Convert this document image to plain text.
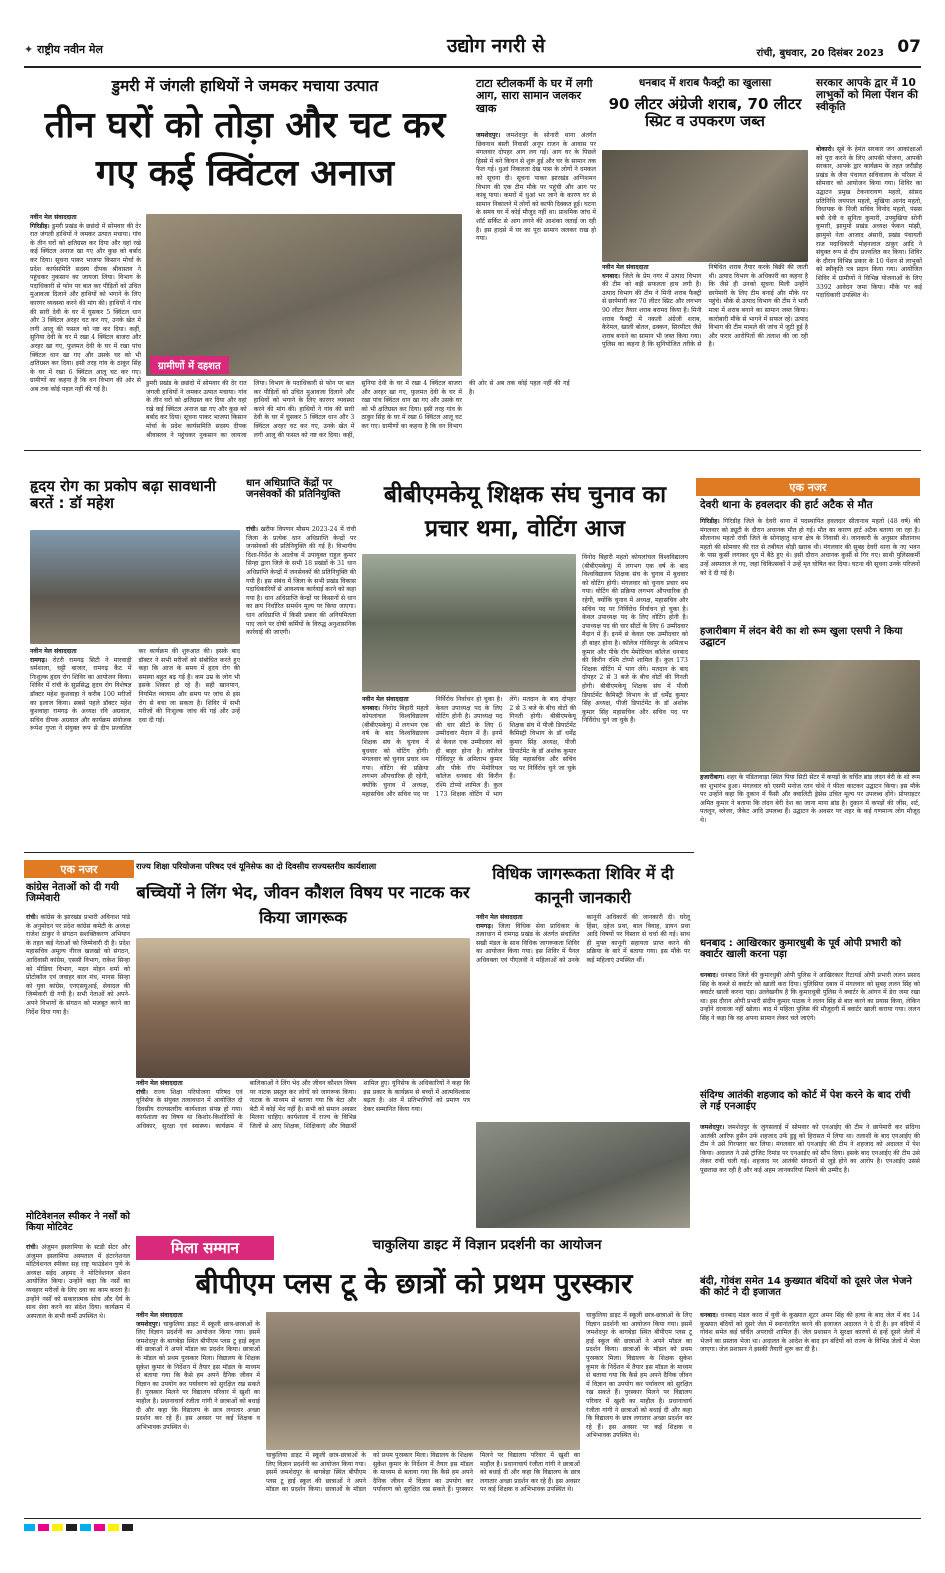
✦ राष्ट्रीय नवीन मेल	उद्योग नगरी से	रांची, बुधवार, 20 दिसंबर 2023 07
डुमरी में जंगली हाथियों ने जमकर मचाया उत्पात
तीन घरों को तोड़ा और चट कर गए कई क्विंटल अनाज
नवीन मेल संवाददाता
गिरिडीह। डुमरी प्रखंड के छछंदो में सोमवार की देर रात जंगली हाथियों ने जमकर उत्पात मचाया। गांव के तीन घरों को क्षतिग्रस्त कर दिया और वहां रखे कई क्विंटल अनाज खा गए और कुछ को बर्बाद कर दिया। सूचना पाकर भाजपा किसान मोर्चा के प्रदेश कार्यसमिति सदस्य दीपक श्रीवास्तव ने पहुंचकर नुकसान का जायजा लिया। विभाग के पदाधिकारी से फोन पर बात कर पीड़ितों को उचित मुआवजा दिलाने और हाथियों को भगाने के लिए कारगर व्यवस्था करने की मांग की। हाथियों ने गांव की सारी देवी के घर में घुसकर 5 क्विंटल धान और 3 क्विंटल अरहर चट कर गए, उनके खेत में लगी आलू की फसल को नष्ट कर दिया। कहीं, सुनिया देवी के घर में रखा 4 क्विंटल बाजरा और अरहर खा गए, फुलमत देवी के घर में रखा पांच क्विंटल धान खा गए और उसके घर को भी क्षतिग्रस्त कर दिया। इसी तरह गांव के ठाकुर सिंह के घर में रखा 6 क्विंटल आलू चट कर गए। ग्रामीणों का कहना है कि वन विभाग की ओर से अब तक कोई पहल नहीं की गई है।
ग्रामीणों में दहशत
डुमरी प्रखंड के छछंदो में सोमवार की देर रात जंगली हाथियों ने जमकर उत्पात मचाया। गांव के तीन घरों को क्षतिग्रस्त कर दिया और वहां रखे कई क्विंटल अनाज खा गए और कुछ को बर्बाद कर दिया। सूचना पाकर भाजपा किसान मोर्चा के प्रदेश कार्यसमिति सदस्य दीपक श्रीवास्तव ने पहुंचकर नुकसान का जायजा लिया। विभाग के पदाधिकारी से फोन पर बात कर पीड़ितों को उचित मुआवजा दिलाने और हाथियों को भगाने के लिए कारगर व्यवस्था करने की मांग की। हाथियों ने गांव की सारी देवी के घर में घुसकर 5 क्विंटल धान और 3 क्विंटल अरहर चट कर गए, उनके खेत में लगी आलू की फसल को नष्ट कर दिया। कहीं, सुनिया देवी के घर में रखा 4 क्विंटल बाजरा और अरहर खा गए, फुलमत देवी के घर में रखा पांच क्विंटल धान खा गए और उसके घर को भी क्षतिग्रस्त कर दिया। इसी तरह गांव के ठाकुर सिंह के घर में रखा 6 क्विंटल आलू चट कर गए। ग्रामीणों का कहना है कि वन विभाग की ओर से अब तक कोई पहल नहीं की गई है।
टाटा स्टीलकर्मी के घर में लगी आग, सारा सामान जलकर खाक
जमशेदपुर। जमशेदपुर के सोनारी थाना अंतर्गत छिवनाथ बस्ती निवासी अनूप राजन के आवास पर मंगलवार दोपहर आग लग गई। आग घर के पिछले हिस्से में बने किचन से शुरू हुई और घर के सामान तक फैल गई। धुआं निकलता देख पास के लोगों ने दमकल को सूचना दी। सूचना पाकर झारखंड अग्निशमन विभाग की एक टीम मौके पर पहुंची और आग पर काबू पाया। कमरों में धुआं भर जाने के कारण घर से सामान निकालने में लोगों को काफी दिक्कत हुई। घटना के समय घर में कोई मौजूद नहीं था। प्राथमिक जांच में शॉर्ट सर्किट से आग लगने की आशंका जताई जा रही है। इस हादसे में घर का पूरा सामान जलकर राख हो गया।
धनबाद में शराब फैक्ट्री का खुलासा
90 लीटर अंग्रेजी शराब, 70 लीटर स्प्रिट व उपकरण जब्त
नवीन मेल संवाददाता
धनबाद। जिले के प्रेम नगर में उत्पाद विभाग की टीम को बड़ी सफलता हाथ लगी है। उत्पाद विभाग की टीम ने मिनी शराब फैक्ट्री से छापेमारी कर 70 लीटर स्प्रिट और लगभग 90 लीटर तैयार शराब बरामद किया है। मिनी शराब फैक्ट्री में नकली अंग्रेजी शराब, कैरेमल, खाली बोतल, ढक्कन, सिरमीटर जैसे शराब बनाने का सामान भी जब्त किया गया। पुलिस का कहना है कि सुनियोजित तरीके से निषेधित शराब तैयार करके बिक्री की जाती थी। उत्पाद विभाग के अधिकारी का कहना है कि जैसे ही उनको सूचना मिली उन्होंने छापेमारी के लिए टीम बनाई और मौके पर पहुंचे। मौके से उत्पाद विभाग की टीम ने भारी मात्रा में शराब बनाने का सामान जब्त किया। कारोबारी मौके से भागने में सफल रहे। उत्पाद विभाग की टीम मामले की जांच में जुटी हुई है और फरार आरोपितों की तलाश की जा रही है।
सरकार आपके द्वार में 10 लाभुकों को मिला पेंशन की स्वीकृति
बोकारो। सूबे के हेमंत सरकार जन आकांक्षाओं को पूरा करने के लिए आपकी योजना, आपकी सरकार, आपके द्वार कार्यक्रम के तहत जरीडीह प्रखंड के जैना पंचायत सचिवालय के परिसर में सोमवार को आयोजन किया गया। शिविर का उद्घाटन प्रमुख टेकनारायण महतो, सांसद प्रतिनिधि जयपाल महतो, मुखिया आनंद महतो, विधायक के निजी सचिव विनोद महतो, पंसस बबी देवी व सुनिता कुमारी, उपमुखिया सोनी कुमारी, झामुमो प्रखंड अध्यक्ष फेकन मांझी, झामुमो नेता आजाद अंसारी, प्रखंड पंचायती राज पदाधिकारी मोहनलाल ठाकुर आदि ने संयुक्त रूप से दीप प्रज्वलित कर किया। शिविर के दौरान विभिन्न प्रकार के 10 पेंशन से लाभुकों को स्वीकृति पत्र प्रदान किया गया। आयोजित शिविर में ग्रामीणों ने विभिन्न योजनाओं के लिए 3392 आवेदन जमा किया। मौके पर कई पदाधिकारी उपस्थित थे।
हृदय रोग का प्रकोप बढ़ा सावधानी बरतें : डॉ महेश
नवीन मेल संवाददाता
रामगढ़। रोटरी रामगढ़ सिटी ने मारवाड़ी धर्मशाला, चट्टी बाजार, रामगढ़ कैंट में निःशुल्क हृदय रोग शिविर का आयोजन किया। शिविर में रांची के सुप्रसिद्ध हृदय रोग विशेषज्ञ डॉक्टर महेश कुशवाहा ने करीब 100 मरीजों का इलाज किया। सबसे पहले डॉक्टर महेश कुशवाहा रामगढ़ के अध्यक्ष रवि अग्रवाल, सचिव दीपक अग्रवाल और कार्यक्रम संयोजक रूपेश गुप्ता ने संयुक्त रूप से दीप प्रज्वलित कर कार्यक्रम की शुरुआत की। इसके बाद डॉक्टर ने सभी मरीजों को संबोधित करते हुए कहा कि आज के समय में हृदय रोग की समस्या बहुत बढ़ गई है। कम उम्र के लोग भी इसके शिकार हो रहे हैं। सही खानपान, नियमित व्यायाम और समय पर जांच से इस रोग से बचा जा सकता है। शिविर में सभी मरीजों की निःशुल्क जांच की गई और उन्हें दवा दी गई।
धान अधिप्राप्ति केंद्रों पर जनसेवकों की प्रतिनियुक्ति
रांची। खरीफ विपणन मौसम 2023-24 में रांची जिला के प्रत्येक धान अधिप्राप्ति केन्द्रों पर जनसेवकों की प्रतिनियुक्ति की गई है। विभागीय दिशा-निर्देश के आलोक में उपायुक्त राहुल कुमार सिन्हा द्वारा जिले के सभी 18 प्रखंडों के 31 धान अधिप्राप्ति केन्द्रों में जनसेवकों की प्रतिनियुक्ति की गयी है। इस संबंध में जिला के सभी प्रखंड विकास पदाधिकारियों से आवश्यक कार्रवाई करने को कहा गया है। धान अधिप्राप्ति केन्द्रों पर किसानों से धान का क्रय निर्धारित समर्थन मूल्य पर किया जाएगा। धान अधिप्राप्ति में किसी प्रकार की अनियमितता पाए जाने पर दोषी कर्मियों के विरुद्ध अनुशासनिक कार्रवाई की जाएगी।
बीबीएमकेयू शिक्षक संघ चुनाव का प्रचार थमा, वोटिंग आज
नवीन मेल संवाददाता
धनबाद। विनोद बिहारी महतो कोयलांचल विश्वविद्यालय (बीबीएमकेयू) में लगभग एक वर्ष के बाद विश्वविद्यालय शिक्षक संघ के चुनाव में बुधवार को वोटिंग होगी। मंगलवार को चुनाव प्रचार थम गया। वोटिंग की प्रक्रिया लगभग औपचारिक ही रहेगी, क्योंकि चुनाव में अध्यक्ष, महासचिव और सचिव पद पर निर्विरोध निर्वाचन हो चुका है। केवल उपाध्यक्ष पद के लिए वोटिंग होनी है। उपाध्यक्ष पद की चार सीटों के लिए 6 उम्मीदवार मैदान में हैं। इनमें से केवल एक उम्मीदवार को ही बाहर होना है। कॉलेज गोविंदपुर के अमिताभ कुमार और पीके रॉय मेमोरियल कॉलेज धनबाद की किरीन रश्मि टोप्पो शामिल हैं। कुल 173 शिक्षक वोटिंग में भाग लेंगे। मतदान के बाद दोपहर 2 से 3 बजे के बीच वोटों की गिनती होगी। बीबीएमकेयू शिक्षक संघ में पीजी डिपार्टमेंट कैमिस्ट्री विभाग के डॉ धर्मेंद्र कुमार सिंह अध्यक्ष, पीजी डिपार्टमेंट के डॉ अशोक कुमार सिंह महासचिव और सचिव पद पर निर्विरोध चुने जा चुके हैं।
विनोद बिहारी महतो कोयलांचल विश्वविद्यालय (बीबीएमकेयू) में लगभग एक वर्ष के बाद विश्वविद्यालय शिक्षक संघ के चुनाव में बुधवार को वोटिंग होगी। मंगलवार को चुनाव प्रचार थम गया। वोटिंग की प्रक्रिया लगभग औपचारिक ही रहेगी, क्योंकि चुनाव में अध्यक्ष, महासचिव और सचिव पद पर निर्विरोध निर्वाचन हो चुका है। केवल उपाध्यक्ष पद के लिए वोटिंग होनी है। उपाध्यक्ष पद की चार सीटों के लिए 6 उम्मीदवार मैदान में हैं। इनमें से केवल एक उम्मीदवार को ही बाहर होना है। कॉलेज गोविंदपुर के अमिताभ कुमार और पीके रॉय मेमोरियल कॉलेज धनबाद की किरीन रश्मि टोप्पो शामिल हैं। कुल 173 शिक्षक वोटिंग में भाग लेंगे। मतदान के बाद दोपहर 2 से 3 बजे के बीच वोटों की गिनती होगी। बीबीएमकेयू शिक्षक संघ में पीजी डिपार्टमेंट कैमिस्ट्री विभाग के डॉ धर्मेंद्र कुमार सिंह अध्यक्ष, पीजी डिपार्टमेंट के डॉ अशोक कुमार सिंह महासचिव और सचिव पद पर निर्विरोध चुने जा चुके हैं।
एक नजर
देवरी थाना के हवलदार की हार्ट अटैक से मौत
गिरिडीह। गिरिडीह जिले के देवरी थाना में पदस्थापित हवलदार सीतानाथ महतो (48 वर्ष) की मंगलवार को ड्यूटी के दौरान अचानक मौत हो गई। मौत का कारण हार्ट अटैक बताया जा रहा है। सीतानाथ महतो रांची जिले के सोनाहातु थाना क्षेत्र के निवासी थे। जानकारी के अनुसार सीतानाथ महतो की सोमवार की रात से तबीयत थोड़ी खराब थी। मंगलवार की सुबह देवरी थाना के नए भवन के पास कुर्सी लगाकर धूप में बैठे हुए थे। इसी दौरान अचानक कुर्सी से गिर गए। साथी पुलिसकर्मी उन्हें अस्पताल ले गए, जहां चिकित्सकों ने उन्हें मृत घोषित कर दिया। घटना की सूचना उनके परिजनों को दे दी गई है।
हजारीबाग में लंदन बेरी का शो रूम खुला एसपी ने किया उद्घाटन
हजारीबाग। शहर के पंडितावाड़ा स्थित पिया सिटी सेंटर में कपड़ों के चर्चित ब्रांड लंदन बेरी के शो रूम का शुभारंभ हुआ। मंगलवार को एसपी मनोज रतन चोथे ने फीता काटकर उद्घाटन किया। इस मौके पर उन्होंने कहा कि दुकान में फैंसी और क्वालिटी ड्रेसेस उचित मूल्य पर उपलब्ध होंगे। प्रोपराइटर अमित कुमार ने बताया कि लंदन बेरी देश का जाना माना ब्रांड है। दुकान में कपड़ों की जींस, शर्ट, पतलून, ब्लेजर, जैकेट आदि उपलब्ध हैं। उद्घाटन के अवसर पर शहर के कई गणमान्य लोग मौजूद थे।
धनबाद : आखिरकार कुमारधुबी के पूर्व ओपी प्रभारी को क्वार्टर खाली करना पड़ा
धनबाद। धनबाद जिले की कुमारधुबी ओपी पुलिस ने आखिरकार रिटायर्ड ओपी प्रभारी ललन प्रसाद सिंह के कब्जे से क्वार्टर को खाली करा दिया। पुलिसिया दबाव में मंगलवार को सुबह ललन सिंह को क्वार्टर खाली करना पड़ा। उल्लेखनीय है कि कुमारधुबी पुलिस ने क्वार्टर के आंगन में डेरा जमा रखा था। इस दौरान ओपी प्रभारी संदीप कुमार पाठक ने ललन सिंह से बात करने का प्रयास किया, लेकिन उन्होंने दरवाजा नहीं खोला। बाद में महिला पुलिस की मौजूदगी में क्वार्टर खाली कराया गया। ललन सिंह ने कहा कि वह अपना सामान लेकर चले जाएंगे।
संदिग्ध आतंकी शहजाद को कोर्ट में पेश करने के बाद रांची ले गई एनआईए
जमशेदपुर। जमशेदपुर के जुगसलाई में सोमवार को एनआईए की टीम ने छापेमारी कर संदिग्ध आतंकी आरिफ हुसैन उर्फ शहजाद उर्फ डुडू को हिरासत में लिया था। तलाशी के बाद एनआईए की टीम ने उसे गिरफ्तार कर लिया। मंगलवार को एनआईए की टीम ने शहजाद को अदालत में पेश किया। अदालत ने उसे ट्रांजिट रिमांड पर एनआईए को सौंप दिया। इसके बाद एनआईए की टीम उसे लेकर रांची चली गई। शहजाद पर आतंकी संगठनों से जुड़े होने का आरोप है। एनआईए उससे पूछताछ कर रही है और कई अहम जानकारियां मिलने की उम्मीद है।
बंदी, गोवंश समेत 14 कुख्यात बंदियों को दूसरे जेल भेजने की कोर्ट ने दी इजाजत
धनबाद। धनबाद मंडल कारा में युवी के कुख्यात शूटर अमन सिंह की हत्या के बाद जेल में बंद 14 कुख्यात बंदियों को दूसरे जेल में स्थानांतरित करने की इजाजत अदालत ने दे दी है। इन बंदियों में गोवंश समेत कई चर्चित अपराधी शामिल हैं। जेल प्रशासन ने सुरक्षा कारणों से इन्हें दूसरे जेलों में भेजने का प्रस्ताव भेजा था। अदालत के आदेश के बाद इन बंदियों को राज्य के विभिन्न जेलों में भेजा जाएगा। जेल प्रशासन ने इसकी तैयारी शुरू कर दी है।
एक नजर
कांग्रेस नेताओं को दी गयी जिम्मेवारी
रांची। कांग्रेस के झारखंड प्रभारी अविनाश पांडे के अनुमोदन पर प्रदेश कांग्रेस कमेटी के अध्यक्ष राजेश ठाकुर ने संगठन सशक्तिकरण अभियान के तहत कई नेताओं को जिम्मेवारी दी है। प्रदेश महासचिव अमूल्य नीरज खलखो को संगठन, आदिवासी कांग्रेस, एससी विभाग, राकेश सिन्हा को मीडिया विभाग, मदन मोहन शर्मा को प्रोटोकॉल एवं जवाहर बाल मंच, मानस सिन्हा को युवा कांग्रेस, एनएसयूआई, सेवादल की जिम्मेवारी दी गयी है। सभी नेताओं को अपने-अपने विभागों के संगठन को मजबूत करने का निर्देश दिया गया है।
मोटिवेशनल स्पीकर ने नर्सों को किया मोटिवेट
रांची। अंजुमन इस्लामिया के स्टडी सेंटर और अंजुमन इस्लामिया अस्पताल में इंटरनेशनल मोटिवेशनल स्पीकर सह राष्ट्र फाउंडेशन पुणे के अध्यक्ष सईद अहमद ने मोटिवेशनल सेशन आयोजित किया। उन्होंने कहा कि नर्सों का व्यवहार मरीजों के लिए दवा का काम करता है। उन्होंने नर्सों को सकारात्मक सोच और धैर्य के साथ सेवा करने का संदेश दिया। कार्यक्रम में अस्पताल के सभी कर्मी उपस्थित थे।
राज्य शिक्षा परियोजना परिषद एवं यूनिसेफ का दो दिवसीय राज्यस्तरीय कार्यशाला
बच्चियों ने लिंग भेद, जीवन कौशल विषय पर नाटक कर किया जागरूक
नवीन मेल संवाददाता
रांची। राज्य शिक्षा परियोजना परिषद एवं यूनिसेफ के संयुक्त तत्वावधान में आयोजित दो दिवसीय राज्यस्तरीय कार्यशाला संपन्न हो गया। कार्यशाला का विषय था किशोर-किशोरियों के अधिकार, सुरक्षा एवं स्वास्थ्य। कार्यक्रम में बालिकाओं ने लिंग भेद और जीवन कौशल विषय पर नाटक प्रस्तुत कर लोगों को जागरूक किया। नाटक के माध्यम से बताया गया कि बेटा और बेटी में कोई भेद नहीं है। सभी को समान अवसर मिलना चाहिए। कार्यशाला में राज्य के विभिन्न जिलों से आए शिक्षक, शिक्षिकाएं और विद्यार्थी शामिल हुए। यूनिसेफ के अधिकारियों ने कहा कि इस प्रकार के कार्यक्रम से बच्चों में आत्मविश्वास बढ़ता है। अंत में प्रतिभागियों को प्रमाण पत्र देकर सम्मानित किया गया।
विधिक जागरूकता शिविर में दी कानूनी जानकारी
नवीन मेल संवाददाता
रामगढ़। जिला विधिक सेवा प्राधिकार के तत्वाधान में रामगढ़ प्रखंड के अंतर्गत संचालित सखी मंडल के साथ विधिक जागरूकता शिविर का आयोजन किया गया। इस शिविर में पैनल अधिवक्ता एवं पीएलवी ने महिलाओं को उनके कानूनी अधिकारों की जानकारी दी। घरेलू हिंसा, दहेज प्रथा, बाल विवाह, डायन प्रथा आदि विषयों पर विस्तार से चर्चा की गई। साथ ही मुफ्त कानूनी सहायता प्राप्त करने की प्रक्रिया के बारे में बताया गया। इस मौके पर कई महिलाएं उपस्थित थीं।
मिला सम्मान	चाकुलिया डाइट में विज्ञान प्रदर्शनी का आयोजन
बीपीएम प्लस टू के छात्रों को प्रथम पुरस्कार
नवीन मेल संवाददाता
जमशेदपुर। चाकुलिया डाइट में स्कूली छात्र-छात्राओं के लिए विज्ञान प्रदर्शनी का आयोजन किया गया। इसमें जमशेदपुर के बागबेड़ा स्थित बीपीएम प्लस टू हाई स्कूल की छात्राओं ने अपने मॉडल का प्रदर्शन किया। छात्राओं के मॉडल को प्रथम पुरस्कार मिला। विद्यालय के शिक्षक सुकेश कुमार के निर्देशन में तैयार इस मॉडल के माध्यम से बताया गया कि कैसे हम अपने दैनिक जीवन में विज्ञान का उपयोग कर पर्यावरण को सुरक्षित रख सकते हैं। पुरस्कार मिलने पर विद्यालय परिवार में खुशी का माहौल है। प्रधानाचार्य रंजीता गांगी ने छात्राओं को बधाई दी और कहा कि विद्यालय के छात्र लगातार अच्छा प्रदर्शन कर रहे हैं। इस अवसर पर कई शिक्षक व अभिभावक उपस्थित थे।
चाकुलिया डाइट में स्कूली छात्र-छात्राओं के लिए विज्ञान प्रदर्शनी का आयोजन किया गया। इसमें जमशेदपुर के बागबेड़ा स्थित बीपीएम प्लस टू हाई स्कूल की छात्राओं ने अपने मॉडल का प्रदर्शन किया। छात्राओं के मॉडल को प्रथम पुरस्कार मिला। विद्यालय के शिक्षक सुकेश कुमार के निर्देशन में तैयार इस मॉडल के माध्यम से बताया गया कि कैसे हम अपने दैनिक जीवन में विज्ञान का उपयोग कर पर्यावरण को सुरक्षित रख सकते हैं। पुरस्कार मिलने पर विद्यालय परिवार में खुशी का माहौल है। प्रधानाचार्य रंजीता गांगी ने छात्राओं को बधाई दी और कहा कि विद्यालय के छात्र लगातार अच्छा प्रदर्शन कर रहे हैं। इस अवसर पर कई शिक्षक व अभिभावक उपस्थित थे।
चाकुलिया डाइट में स्कूली छात्र-छात्राओं के लिए विज्ञान प्रदर्शनी का आयोजन किया गया। इसमें जमशेदपुर के बागबेड़ा स्थित बीपीएम प्लस टू हाई स्कूल की छात्राओं ने अपने मॉडल का प्रदर्शन किया। छात्राओं के मॉडल को प्रथम पुरस्कार मिला। विद्यालय के शिक्षक सुकेश कुमार के निर्देशन में तैयार इस मॉडल के माध्यम से बताया गया कि कैसे हम अपने दैनिक जीवन में विज्ञान का उपयोग कर पर्यावरण को सुरक्षित रख सकते हैं। पुरस्कार मिलने पर विद्यालय परिवार में खुशी का माहौल है। प्रधानाचार्य रंजीता गांगी ने छात्राओं को बधाई दी और कहा कि विद्यालय के छात्र लगातार अच्छा प्रदर्शन कर रहे हैं। इस अवसर पर कई शिक्षक व अभिभावक उपस्थित थे।
